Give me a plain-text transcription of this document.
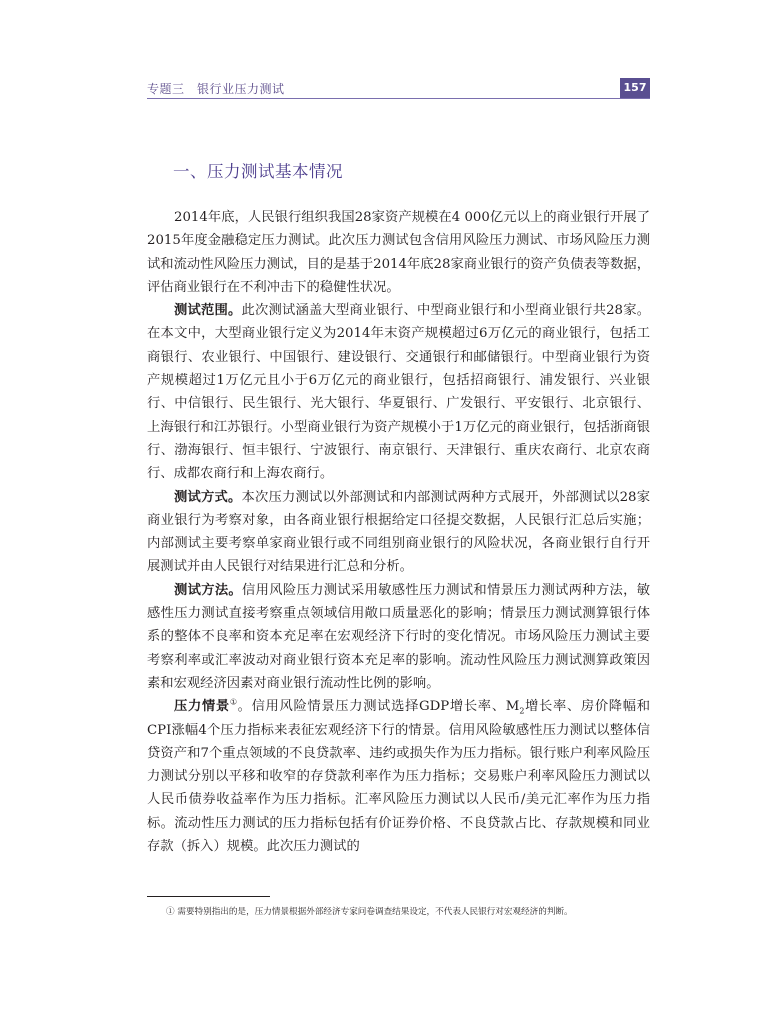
专题三　银行业压力测试	157
一、压力测试基本情况

2014年底，人民银行组织我国28家资产规模在4 000亿元以上的商业银行开展了2015年度金融稳定压力测试。此次压力测试包含信用风险压力测试、市场风险压力测试和流动性风险压力测试，目的是基于2014年底28家商业银行的资产负债表等数据，评估商业银行在不利冲击下的稳健性状况。

测试范围。此次测试涵盖大型商业银行、中型商业银行和小型商业银行共28家。在本文中，大型商业银行定义为2014年末资产规模超过6万亿元的商业银行，包括工商银行、农业银行、中国银行、建设银行、交通银行和邮储银行。中型商业银行为资产规模超过1万亿元且小于6万亿元的商业银行，包括招商银行、浦发银行、兴业银行、中信银行、民生银行、光大银行、华夏银行、广发银行、平安银行、北京银行、上海银行和江苏银行。小型商业银行为资产规模小于1万亿元的商业银行，包括浙商银行、渤海银行、恒丰银行、宁波银行、南京银行、天津银行、重庆农商行、北京农商行、成都农商行和上海农商行。

测试方式。本次压力测试以外部测试和内部测试两种方式展开，外部测试以28家商业银行为考察对象，由各商业银行根据给定口径提交数据，人民银行汇总后实施；内部测试主要考察单家商业银行或不同组别商业银行的风险状况，各商业银行自行开展测试并由人民银行对结果进行汇总和分析。

测试方法。信用风险压力测试采用敏感性压力测试和情景压力测试两种方法，敏感性压力测试直接考察重点领域信用敞口质量恶化的影响；情景压力测试测算银行体系的整体不良率和资本充足率在宏观经济下行时的变化情况。市场风险压力测试主要考察利率或汇率波动对商业银行资本充足率的影响。流动性风险压力测试测算政策因素和宏观经济因素对商业银行流动性比例的影响。

压力情景①。信用风险情景压力测试选择GDP增长率、$M_2$增长率、房价降幅和CPI涨幅4个压力指标来表征宏观经济下行的情景。信用风险敏感性压力测试以整体信贷资产和7个重点领域的不良贷款率、违约或损失作为压力指标。银行账户利率风险压力测试分别以平移和收窄的存贷款利率作为压力指标；交易账户利率风险压力测试以人民币债券收益率作为压力指标。汇率风险压力测试以人民币/美元汇率作为压力指标。流动性压力测试的压力指标包括有价证券价格、不良贷款占比、存款规模和同业存款（拆入）规模。此次压力测试的

① 需要特别指出的是，压力情景根据外部经济专家问卷调查结果设定，不代表人民银行对宏观经济的判断。
